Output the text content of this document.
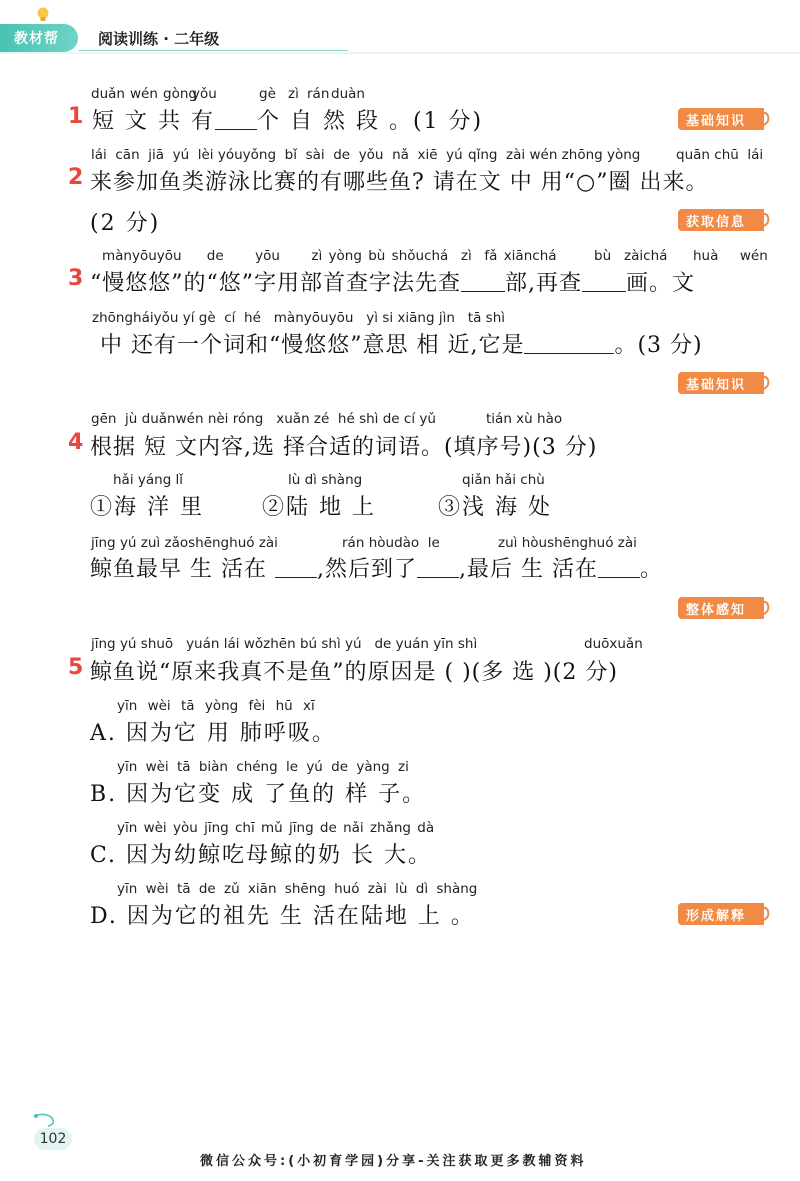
教材帮	阅读训练 · 二年级
duǎn wén gòng
yǒu	gè zì rán duàn
1 短 文 共 有 个 自 然 段 。(1 分)	基础知识
lái cān jiā yú lèi yóuyǒng bǐ sài de yǒu nǎ xiē yú qǐng zài wén zhōng yòng	quān chū lái
2 来参加鱼类游泳比赛的有哪些鱼? 请在文 中 用“○”圈 出来。
(2 分)	获取信息
mànyōuyōu de yōu zì yòng bù shǒuchá zì fǎ xiānchá	bù zàichá huà wén
3 “慢悠悠”的“悠”字用部首查字法先查 部,再查 画。文
zhōngháiyǒu yí gè cí hé mànyōuyōu yì si xiāng jìn tā shì
中 还有一个词和“慢悠悠”意思 相 近,它是	。(3 分)
基础知识
gēn jù duǎnwén nèi róng xuǎn zé hé shì de cí yǔ	tián xù hào
4 根据 短 文内容,选 择合适的词语。(填序号)(3 分)
hǎi yáng lǐ	lù dì shàng	qiǎn hǎi chù
①海 洋 里	②陆 地 上	③浅 海 处
jīng yú zuì zǎoshēnghuó zài	rán hòudào le	zuì hòushēnghuó zài
鲸鱼最早 生 活在 ,然后到了 ,最后 生 活在 。
整体感知
jīng yú shuō yuán lái wǒzhēn bú shì yú de yuán yīn shì	duōxuǎn
5 鲸鱼说“原来我真不是鱼”的原因是 ( )(多 选 )(2 分)
yīn wèi tā yòng fèi hū xī
A. 因为它 用 肺呼吸。
yīn wèi tā biàn chéng le yú de yàng zi
B. 因为它变 成 了鱼的 样 子。
yīn wèi yòu jīng chī mǔ jīng de nǎi zhǎng dà
C. 因为幼鲸吃母鲸的奶 长 大。
yīn wèi tā de zǔ xiān shēng huó zài lù dì shàng
D. 因为它的祖先 生 活在陆地 上 。	形成解释
102
微信公众号:(小初育学园)分享-关注获取更多教辅资料
